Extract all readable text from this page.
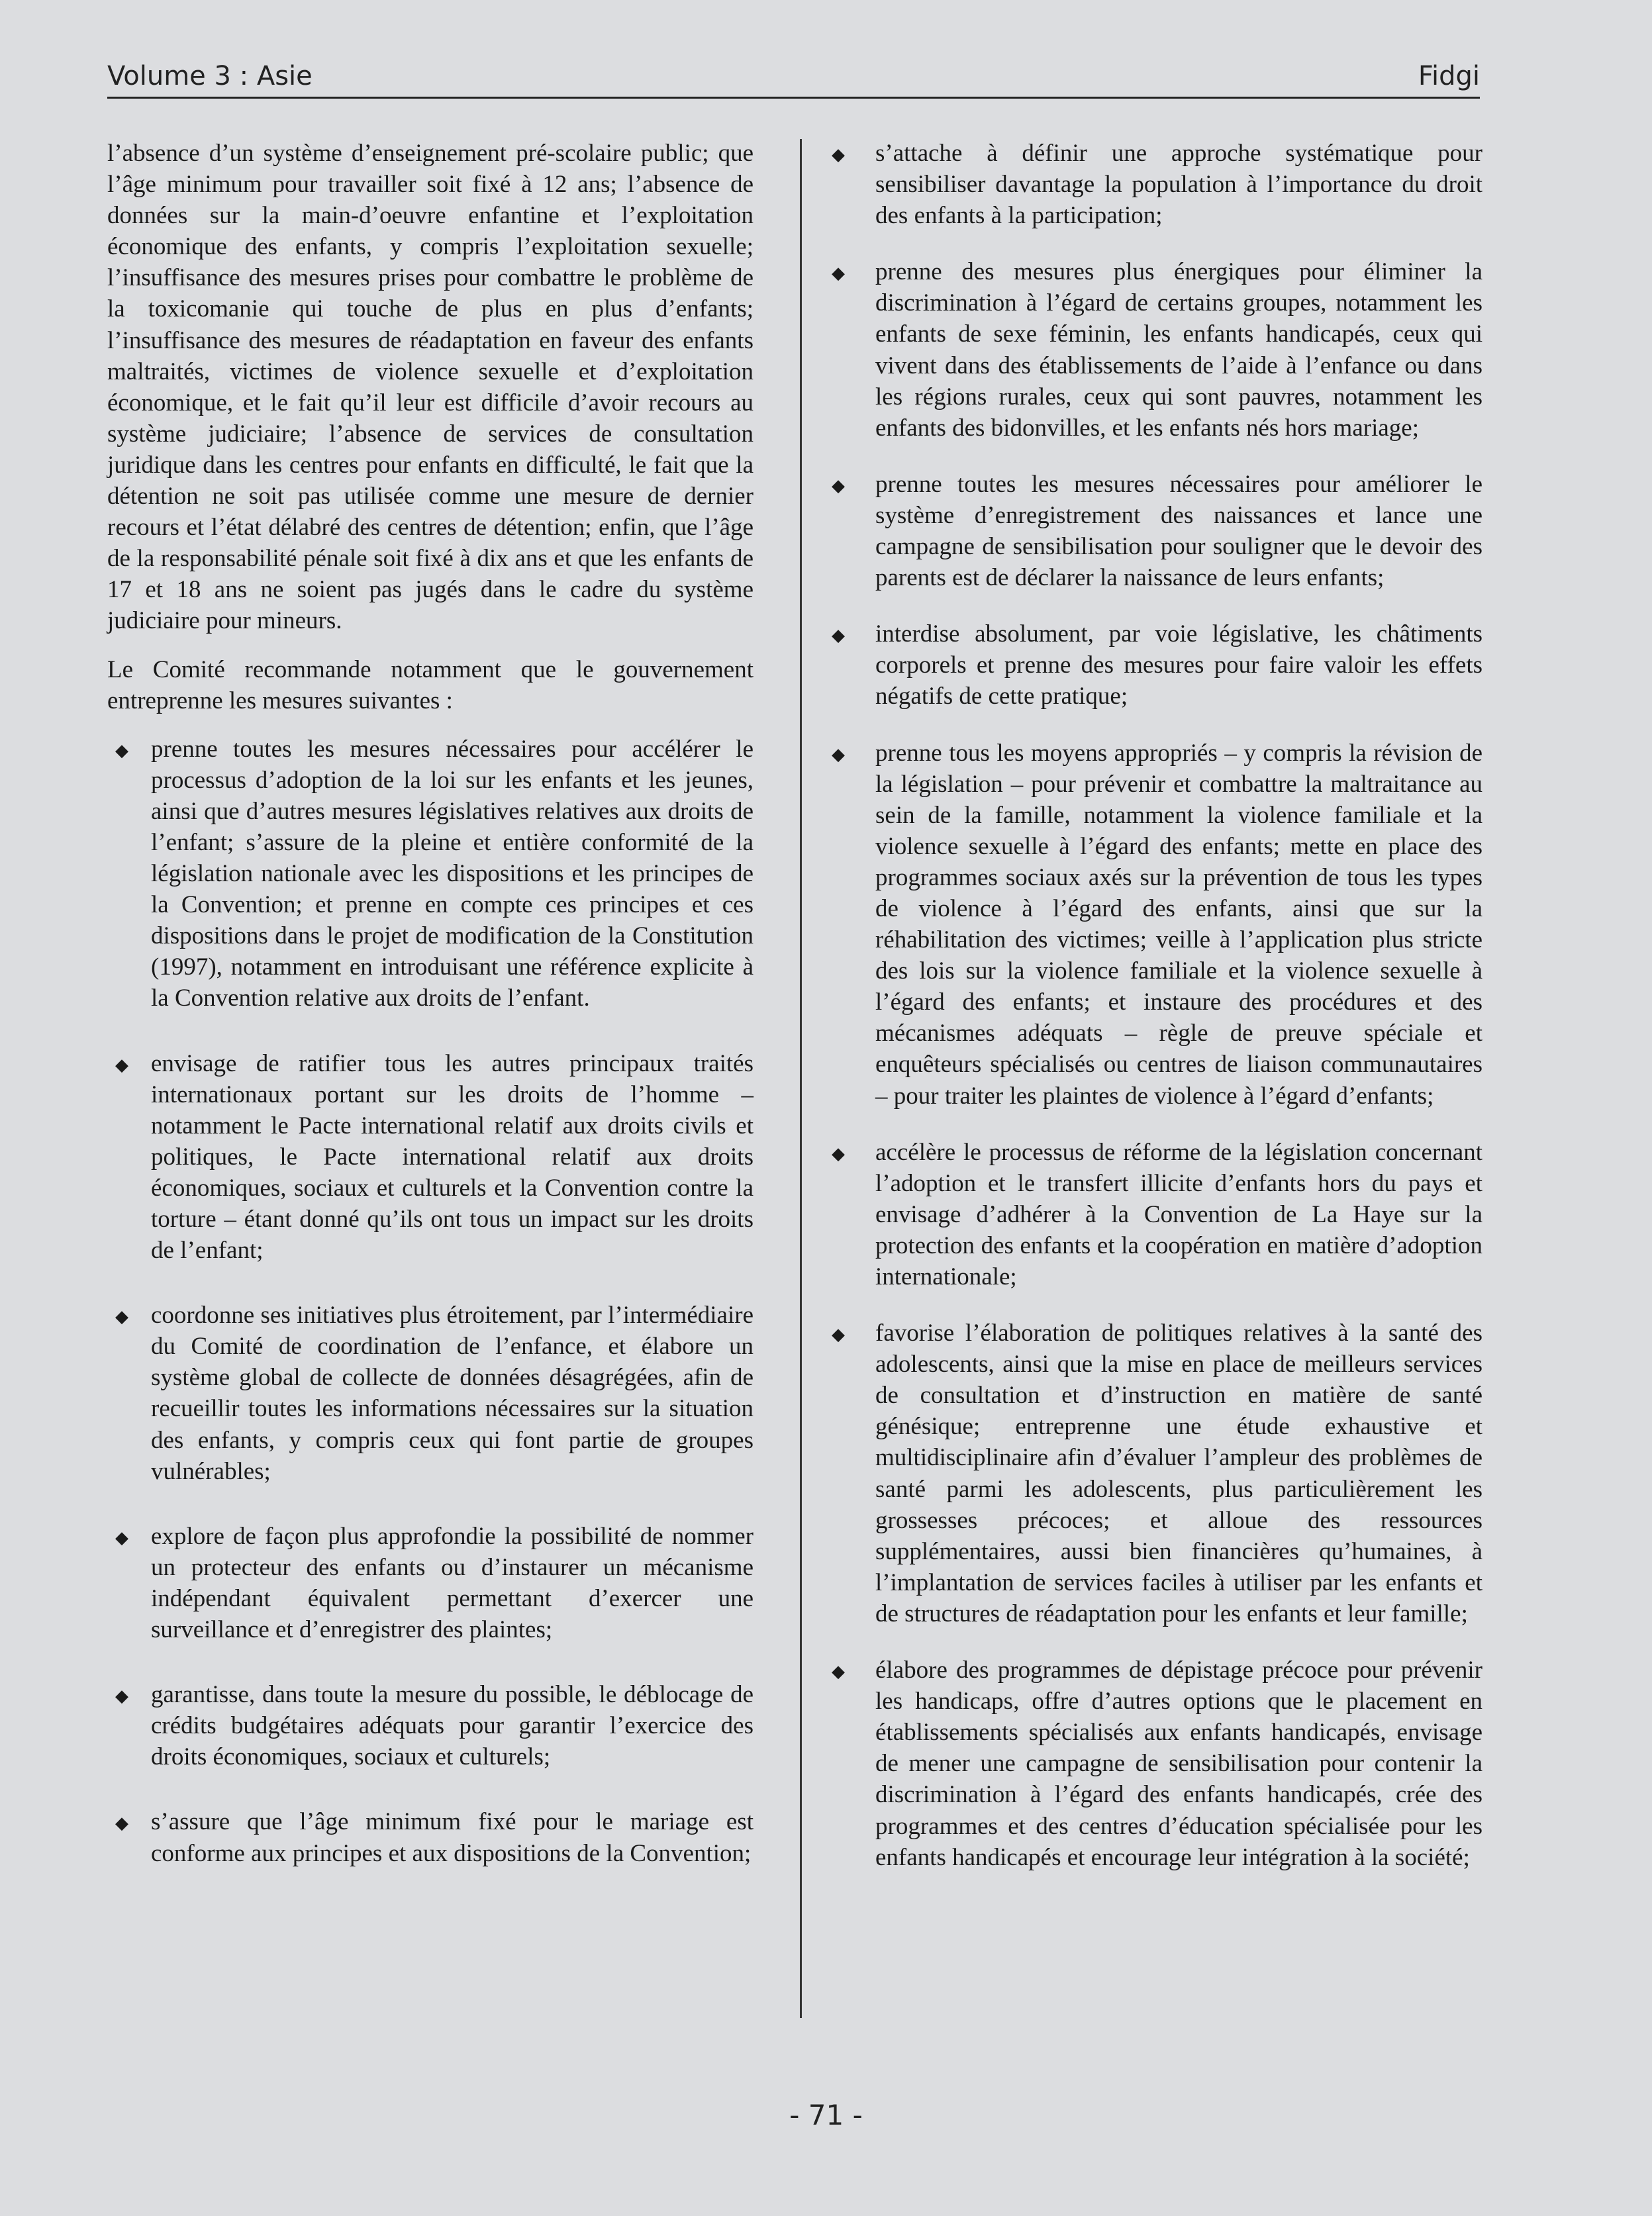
Volume 3 : Asie	Fidgi

l’absence d’un système d’enseignement pré-scolaire public; que l’âge minimum pour travailler soit fixé à 12 ans; l’absence de données sur la main-d’oeuvre enfantine et l’exploitation économique des enfants, y compris l’exploitation sexuelle; l’insuffisance des mesures prises pour combattre le problème de la toxicomanie qui touche de plus en plus d’enfants; l’insuffisance des mesures de réadaptation en faveur des enfants maltraités, victimes de violence sexuelle et d’exploitation économique, et le fait qu’il leur est difficile d’avoir recours au système judiciaire; l’absence de services de consultation juridique dans les centres pour enfants en difficulté, le fait que la détention ne soit pas utilisée comme une mesure de dernier recours et l’état délabré des centres de détention; enfin, que l’âge de la responsabilité pénale soit fixé à dix ans et que les enfants de 17 et 18 ans ne soient pas jugés dans le cadre du système judiciaire pour mineurs.

Le Comité recommande notamment que le gouvernement entreprenne les mesures suivantes :

◆ prenne toutes les mesures nécessaires pour accélérer le processus d’adoption de la loi sur les enfants et les jeunes, ainsi que d’autres mesures législatives relatives aux droits de l’enfant; s’assure de la pleine et entière conformité de la législation nationale avec les dispositions et les principes de la Convention; et prenne en compte ces principes et ces dispositions dans le projet de modification de la Constitution (1997), notamment en introduisant une référence explicite à la Convention relative aux droits de l’enfant.
◆ envisage de ratifier tous les autres principaux traités internationaux portant sur les droits de l’homme – notamment le Pacte international relatif aux droits civils et politiques, le Pacte international relatif aux droits économiques, sociaux et culturels et la Convention contre la torture – étant donné qu’ils ont tous un impact sur les droits de l’enfant;
◆ coordonne ses initiatives plus étroitement, par l’intermédiaire du Comité de coordination de l’enfance, et élabore un système global de collecte de données désagrégées, afin de recueillir toutes les informations nécessaires sur la situation des enfants, y compris ceux qui font partie de groupes vulnérables;
◆ explore de façon plus approfondie la possibilité de nommer un protecteur des enfants ou d’instaurer un mécanisme indépendant équivalent permettant d’exercer une surveillance et d’enregistrer des plaintes;
◆ garantisse, dans toute la mesure du possible, le déblocage de crédits budgétaires adéquats pour garantir l’exercice des droits économiques, sociaux et culturels;
◆ s’assure que l’âge minimum fixé pour le mariage est conforme aux principes et aux dispositions de la Convention;
◆ s’attache à définir une approche systématique pour sensibiliser davantage la population à l’importance du droit des enfants à la participation;
◆ prenne des mesures plus énergiques pour éliminer la discrimination à l’égard de certains groupes, notamment les enfants de sexe féminin, les enfants handicapés, ceux qui vivent dans des établissements de l’aide à l’enfance ou dans les régions rurales, ceux qui sont pauvres, notamment les enfants des bidonvilles, et les enfants nés hors mariage;
◆ prenne toutes les mesures nécessaires pour améliorer le système d’enregistrement des naissances et lance une campagne de sensibilisation pour souligner que le devoir des parents est de déclarer la naissance de leurs enfants;
◆ interdise absolument, par voie législative, les châtiments corporels et prenne des mesures pour faire valoir les effets négatifs de cette pratique;
◆ prenne tous les moyens appropriés – y compris la révision de la législation – pour prévenir et combattre la maltraitance au sein de la famille, notamment la violence familiale et la violence sexuelle à l’égard des enfants; mette en place des programmes sociaux axés sur la prévention de tous les types de violence à l’égard des enfants, ainsi que sur la réhabilitation des victimes; veille à l’application plus stricte des lois sur la violence familiale et la violence sexuelle à l’égard des enfants; et instaure des procédures et des mécanismes adéquats – règle de preuve spéciale et enquêteurs spécialisés ou centres de liaison communautaires – pour traiter les plaintes de violence à l’égard d’enfants;
◆ accélère le processus de réforme de la législation concernant l’adoption et le transfert illicite d’enfants hors du pays et envisage d’adhérer à la Convention de La Haye sur la protection des enfants et la coopération en matière d’adoption internationale;
◆ favorise l’élaboration de politiques relatives à la santé des adolescents, ainsi que la mise en place de meilleurs services de consultation et d’instruction en matière de santé génésique; entreprenne une étude exhaustive et multidisciplinaire afin d’évaluer l’ampleur des problèmes de santé parmi les adolescents, plus particulièrement les grossesses précoces; et alloue des ressources supplémentaires, aussi bien financières qu’humaines, à l’implantation de services faciles à utiliser par les enfants et de structures de réadaptation pour les enfants et leur famille;
◆ élabore des programmes de dépistage précoce pour prévenir les handicaps, offre d’autres options que le placement en établissements spécialisés aux enfants handicapés, envisage de mener une campagne de sensibilisation pour contenir la discrimination à l’égard des enfants handicapés, crée des programmes et des centres d’éducation spécialisée pour les enfants handicapés et encourage leur intégration à la société;
- 71 -
